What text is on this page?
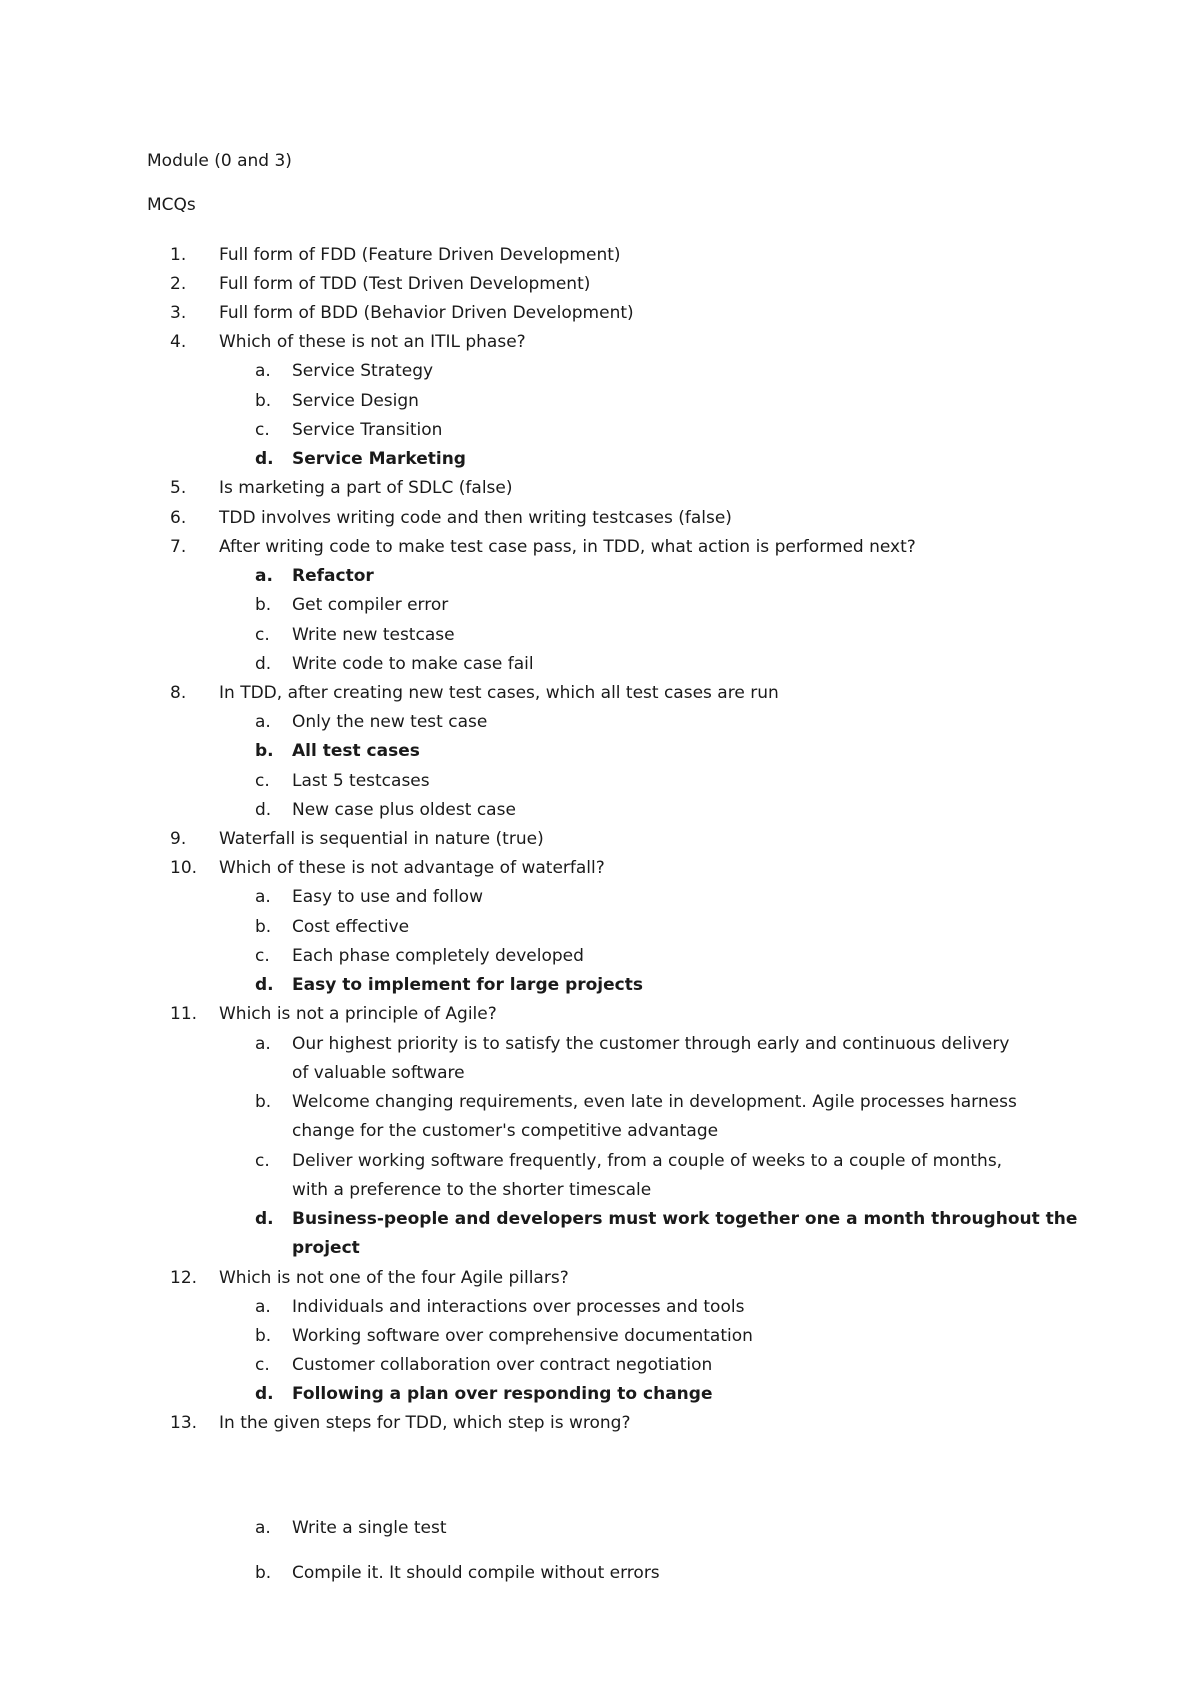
Module (0 and 3)
MCQs
1.	Full form of FDD (Feature Driven Development)
2.	Full form of TDD (Test Driven Development)
3.	Full form of BDD (Behavior Driven Development)
4.	Which of these is not an ITIL phase?
a. Service Strategy
b. Service Design
c. Service Transition
d. Service Marketing
5.	Is marketing a part of SDLC (false)
6.	TDD involves writing code and then writing testcases (false)
7.	After writing code to make test case pass, in TDD, what action is performed next?
a. Refactor
b. Get compiler error
c. Write new testcase
d. Write code to make case fail
8.	In TDD, after creating new test cases, which all test cases are run
a. Only the new test case
b. All test cases
c. Last 5 testcases
d. New case plus oldest case
9.	Waterfall is sequential in nature (true)
10.	Which of these is not advantage of waterfall?
a. Easy to use and follow
b. Cost effective
c. Each phase completely developed
d. Easy to implement for large projects
11.	Which is not a principle of Agile?
a. Our highest priority is to satisfy the customer through early and continuous delivery
of valuable software
b. Welcome changing requirements, even late in development. Agile processes harness
change for the customer's competitive advantage
c. Deliver working software frequently, from a couple of weeks to a couple of months,
with a preference to the shorter timescale
d. Business-people and developers must work together one a month throughout the
project
12.	Which is not one of the four Agile pillars?
a. Individuals and interactions over processes and tools
b. Working software over comprehensive documentation
c. Customer collaboration over contract negotiation
d. Following a plan over responding to change
13.	In the given steps for TDD, which step is wrong?
a. Write a single test
b. Compile it. It should compile without errors
